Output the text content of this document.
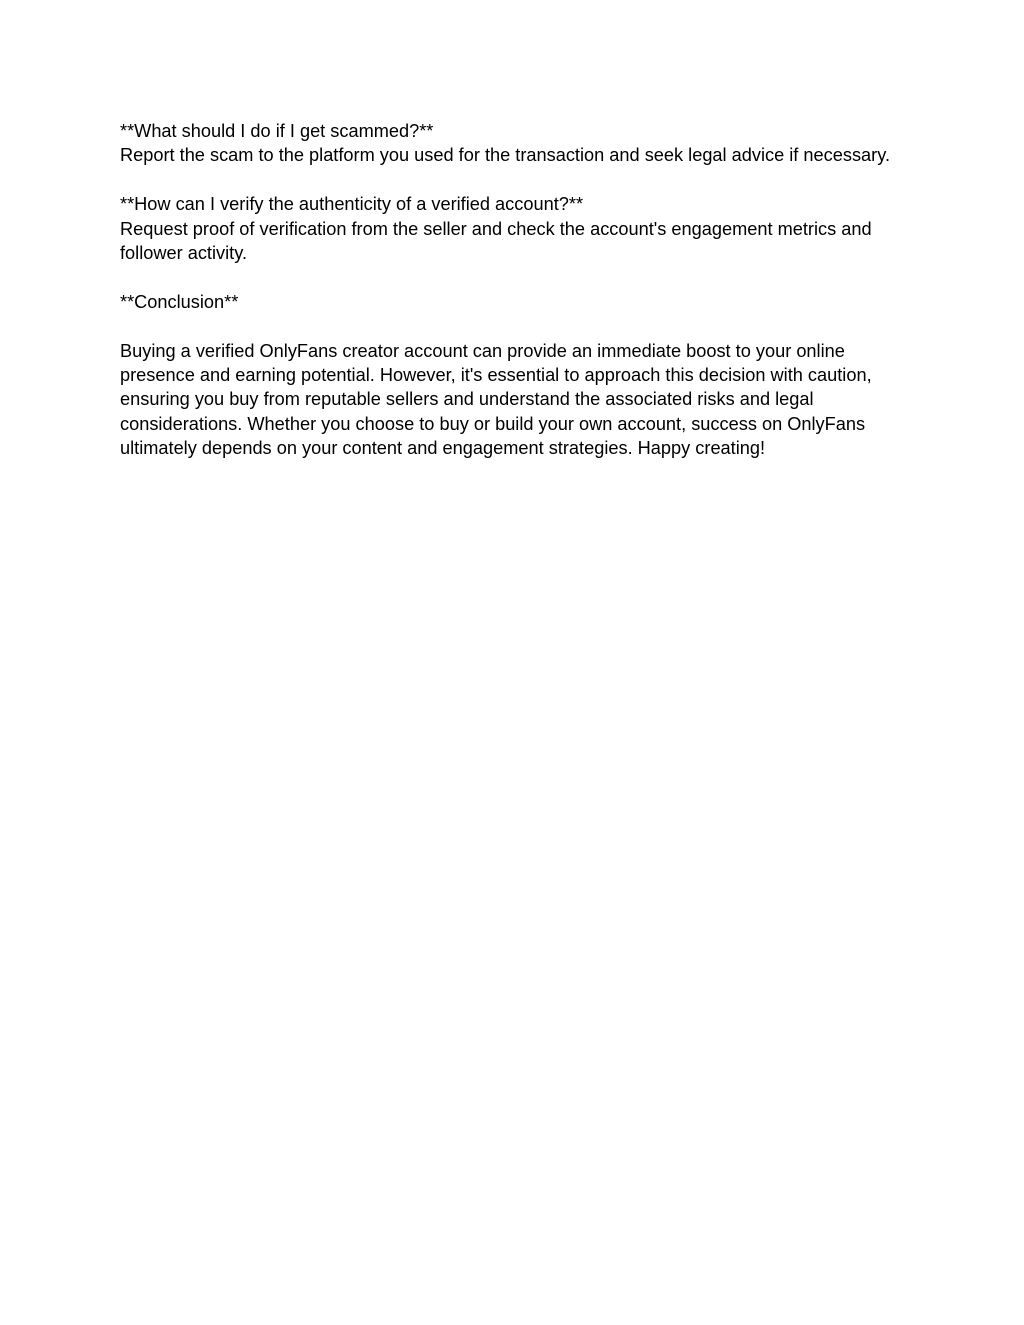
**What should I do if I get scammed?**

Report the scam to the platform you used for the transaction and seek legal advice if necessary.

**How can I verify the authenticity of a verified account?**

Request proof of verification from the seller and check the account's engagement metrics and

follower activity.

**Conclusion**

Buying a verified OnlyFans creator account can provide an immediate boost to your online

presence and earning potential. However, it's essential to approach this decision with caution,

ensuring you buy from reputable sellers and understand the associated risks and legal

considerations. Whether you choose to buy or build your own account, success on OnlyFans

ultimately depends on your content and engagement strategies. Happy creating!
